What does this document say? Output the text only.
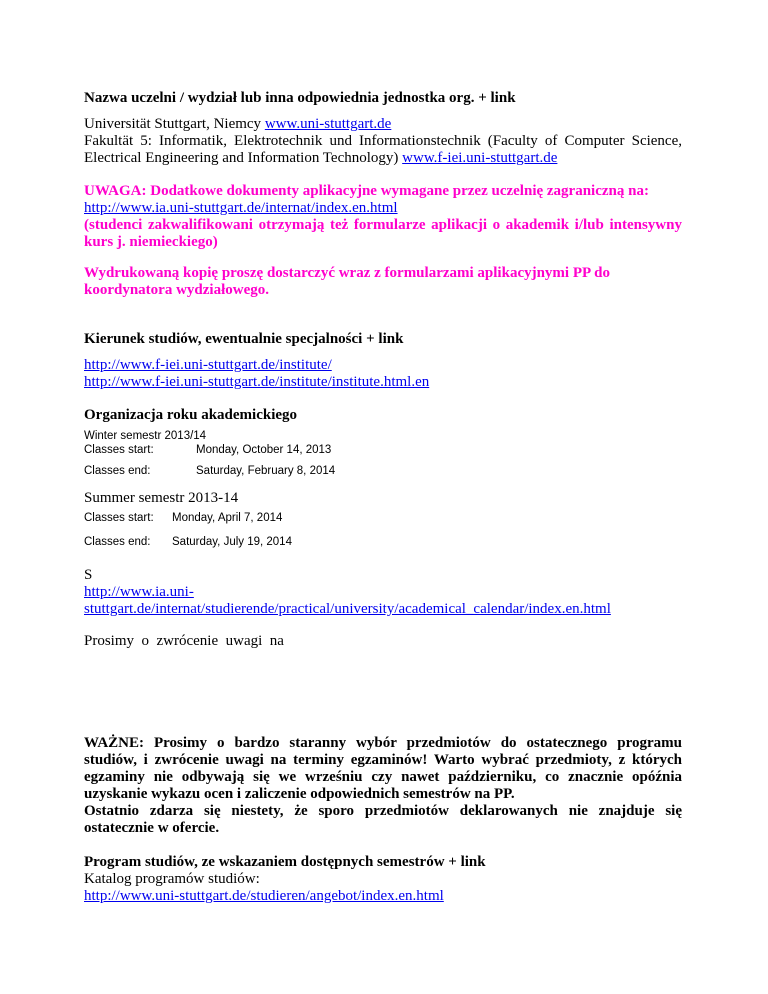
Nazwa uczelni / wydział lub inna odpowiednia jednostka org. + link
Universität Stuttgart, Niemcy www.uni-stuttgart.de
Fakultät 5: Informatik, Elektrotechnik und Informationstechnik (Faculty of Computer Science, Electrical Engineering and Information Technology) www.f-iei.uni-stuttgart.de
UWAGA: Dodatkowe dokumenty aplikacyjne wymagane przez uczelnię zagraniczną na:
http://www.ia.uni-stuttgart.de/internat/index.en.html
(studenci zakwalifikowani otrzymają też formularze aplikacji o akademik i/lub intensywny kurs j. niemieckiego)
Wydrukowaną kopię proszę dostarczyć wraz z formularzami aplikacyjnymi PP do koordynatora wydziałowego.
Kierunek studiów, ewentualnie specjalności + link
http://www.f-iei.uni-stuttgart.de/institute/
http://www.f-iei.uni-stuttgart.de/institute/institute.html.en
Organizacja roku akademickiego
Winter semestr 2013/14
Classes start:	Monday, October 14, 2013
Classes end:	Saturday, February 8, 2014
Summer semestr 2013-14
Classes start:	Monday, April 7, 2014
Classes end:	Saturday, July 19, 2014
S
http://www.ia.uni-
stuttgart.de/internat/studierende/practical/university/academical_calendar/index.en.html
Prosimy  o  zwrócenie  uwagi  na
WAŻNE: Prosimy o bardzo staranny wybór przedmiotów do ostatecznego programu studiów, i zwrócenie uwagi na terminy egzaminów! Warto wybrać przedmioty, z których egzaminy nie odbywają się we wrześniu czy nawet październiku, co znacznie opóźnia uzyskanie wykazu ocen i zaliczenie odpowiednich semestrów na PP.
Ostatnio zdarza się niestety, że sporo przedmiotów deklarowanych nie znajduje się ostatecznie w ofercie.
Program studiów, ze wskazaniem dostępnych semestrów + link
Katalog programów studiów:
http://www.uni-stuttgart.de/studieren/angebot/index.en.html
